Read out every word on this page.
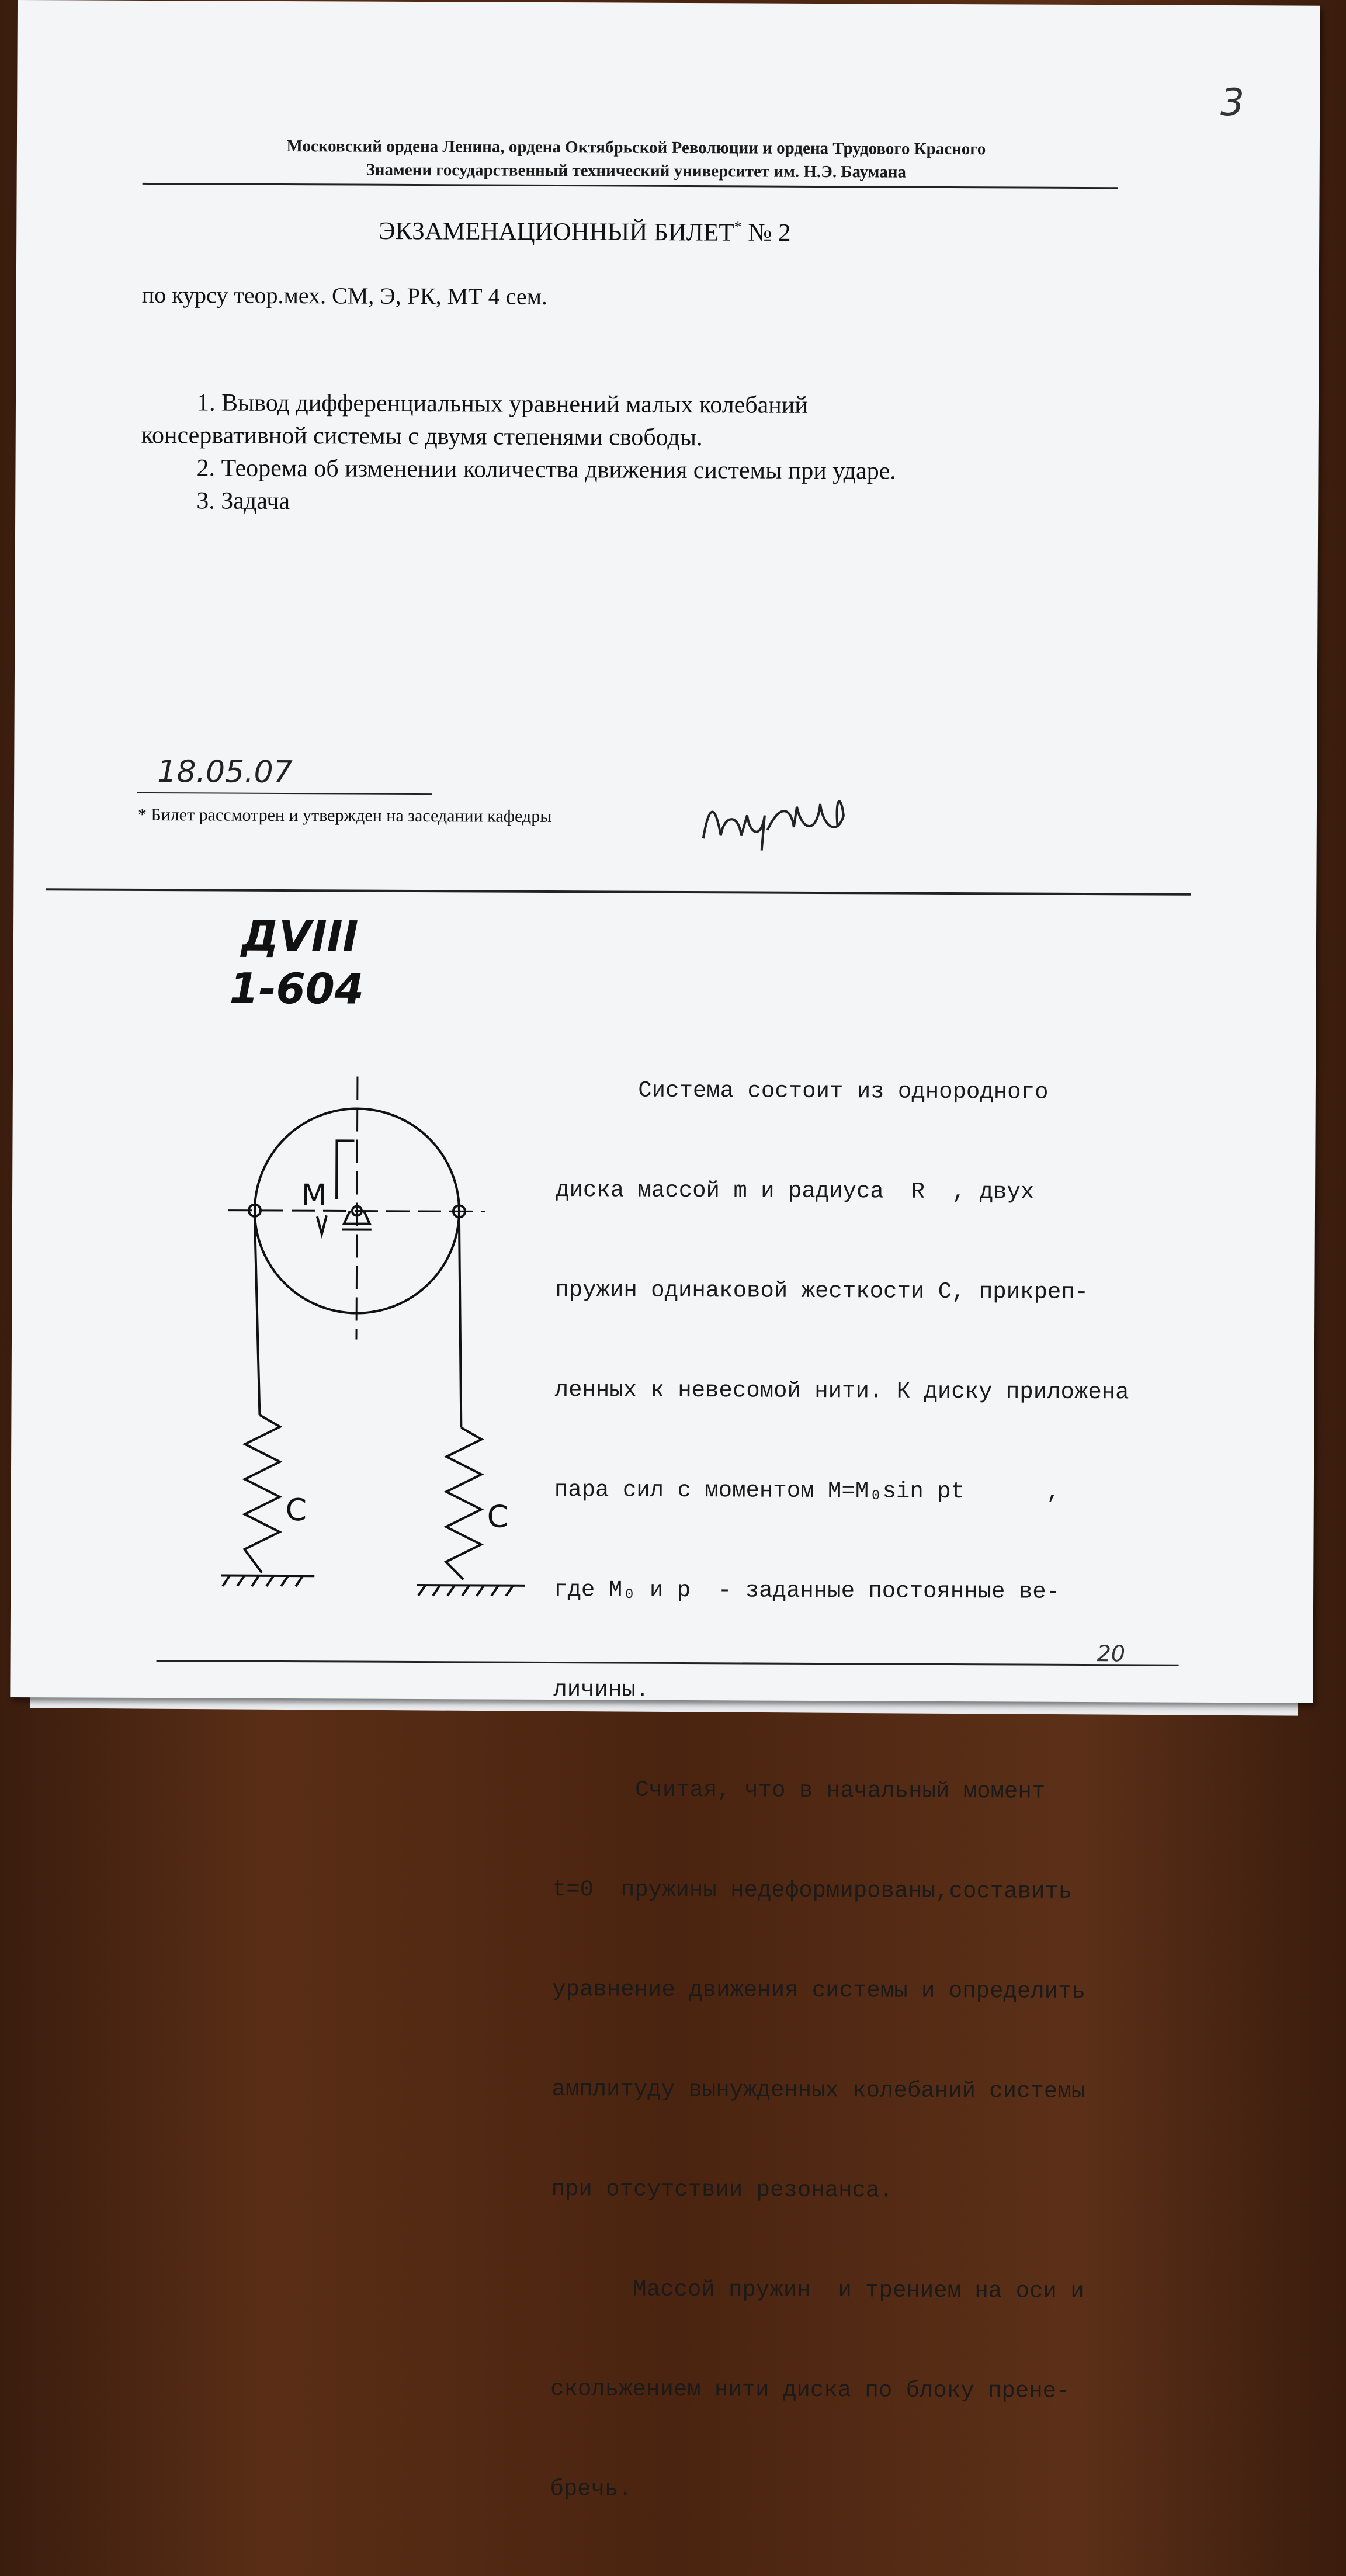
3
Московский ордена Ленина, ордена Октябрьской Революции и ордена Трудового Красного
Знамени государственный технический университет им. Н.Э. Баумана
ЭКЗАМЕНАЦИОННЫЙ БИЛЕТ* № 2
по курсу теор.мех. СМ, Э, РК, МТ 4 сем.
1. Вывод дифференциальных уравнений малых колебаний
консервативной системы с двумя степенями свободы.
2. Теорема об изменении количества движения системы при ударе.
3. Задача
18.05.07
* Билет рассмотрен и утвержден на заседании кафедры
ДVIII
1-604
M
C	C

Система состоит из однородного

диска массой m и радиуса  R  , двух

пружин одинаковой жесткости С, прикреп-

ленных к невесомой нити. К диску приложена

пара сил с моментом M=M₀sin pt      ,

где M₀ и p  - заданные постоянные ве-

личины.

Считая, что в начальный момент

t=0  пружины недеформированы,составить

уравнение движения системы и определить

амплитуду вынужденных колебаний системы

при отсутствии резонанса.

Массой пружин  и трением на оси и

скольжением нити диска по блоку прене-

бречь.

20
